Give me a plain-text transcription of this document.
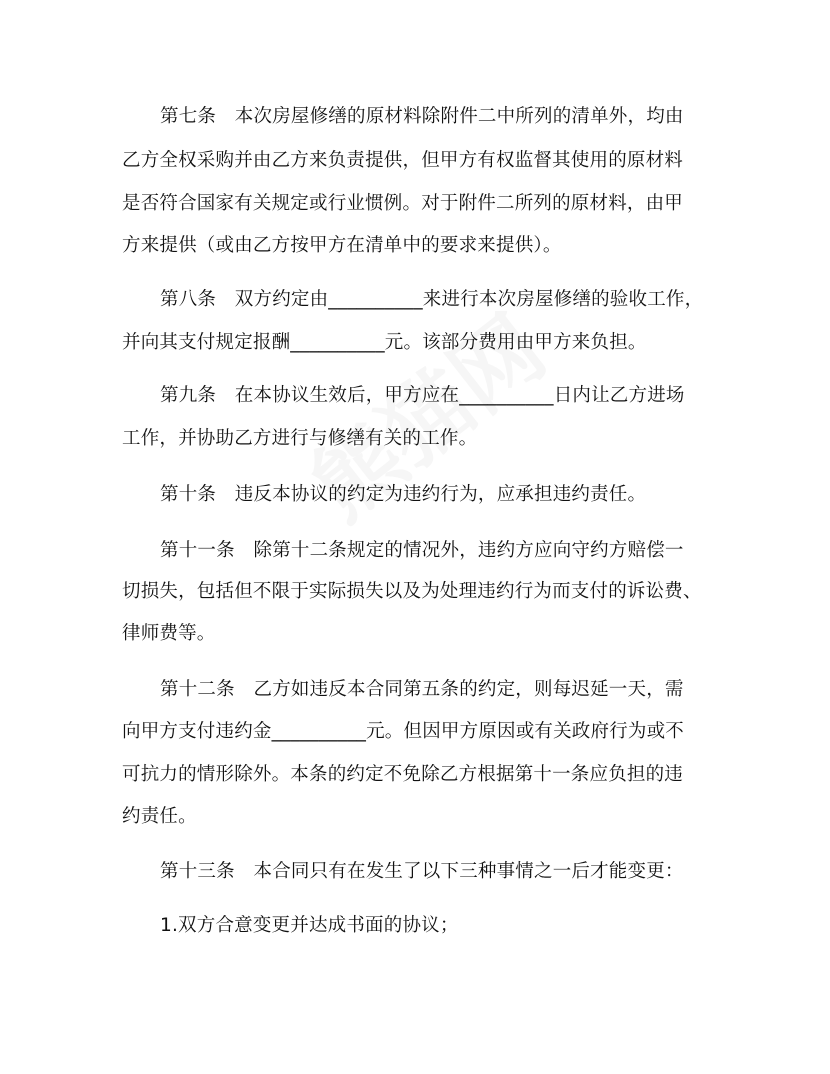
第七条　本次房屋修缮的原材料除附件二中所列的清单外，均由
乙方全权采购并由乙方来负责提供，但甲方有权监督其使用的原材料
是否符合国家有关规定或行业惯例。对于附件二所列的原材料，由甲
方来提供（或由乙方按甲方在清单中的要求来提供）。
第八条　双方约定由__________来进行本次房屋修缮的验收工作，
并向其支付规定报酬__________元。该部分费用由甲方来负担。
第九条　在本协议生效后，甲方应在__________日内让乙方进场
工作，并协助乙方进行与修缮有关的工作。
第十条　违反本协议的约定为违约行为，应承担违约责任。
第十一条　除第十二条规定的情况外，违约方应向守约方赔偿一
切损失，包括但不限于实际损失以及为处理违约行为而支付的诉讼费、
律师费等。
第十二条　乙方如违反本合同第五条的约定，则每迟延一天，需
向甲方支付违约金__________元。但因甲方原因或有关政府行为或不
可抗力的情形除外。本条的约定不免除乙方根据第十一条应负担的违
约责任。
第十三条　本合同只有在发生了以下三种事情之一后才能变更：
1.双方合意变更并达成书面的协议；
